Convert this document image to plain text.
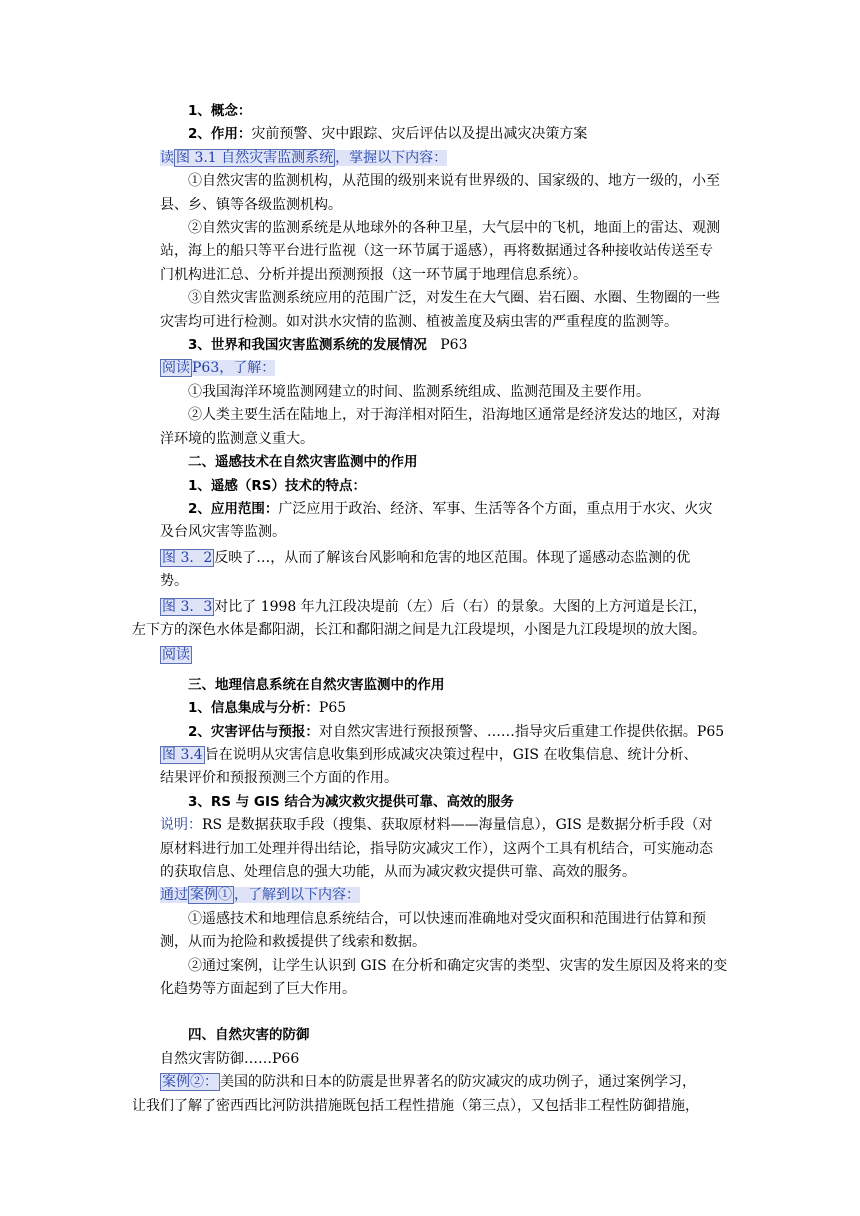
1、概念：

2、作用：灾前预警、灾中跟踪、灾后评估以及提出减灾决策方案

读 图 3.1 自然灾害监测系统 ，掌握以下内容：

①自然灾害的监测机构，从范围的级别来说有世界级的、国家级的、地方一级的，小至

县、乡、镇等各级监测机构。

②自然灾害的监测系统是从地球外的各种卫星，大气层中的飞机，地面上的雷达、观测

站，海上的船只等平台进行监视（这一环节属于遥感），再将数据通过各种接收站传送至专

门机构进汇总、分析并提出预测预报（这一环节属于地理信息系统）。

③自然灾害监测系统应用的范围广泛，对发生在大气圈、岩石圈、水圈、生物圈的一些

灾害均可进行检测。如对洪水灾情的监测、植被盖度及病虫害的严重程度的监测等。

3、世界和我国灾害监测系统的发展情况 P63

阅读 P63，了解：

①我国海洋环境监测网建立的时间、监测系统组成、监测范围及主要作用。

②人类主要生活在陆地上，对于海洋相对陌生，沿海地区通常是经济发达的地区，对海

洋环境的监测意义重大。

二、遥感技术在自然灾害监测中的作用

1、遥感（RS）技术的特点：

2、应用范围：广泛应用于政治、经济、军事、生活等各个方面，重点用于水灾、火灾

及台风灾害等监测。

图 3．2 反映了…，从而了解该台风影响和危害的地区范围。体现了遥感动态监测的优

势。

图 3．3 对比了 1998 年九江段决堤前（左）后（右）的景象。大图的上方河道是长江，

左下方的深色水体是鄱阳湖，长江和鄱阳湖之间是九江段堤坝，小图是九江段堤坝的放大图。

阅读

三、地理信息系统在自然灾害监测中的作用

1、信息集成与分析：P65

2、灾害评估与预报：对自然灾害进行预报预警、……指导灾后重建工作提供依据。P65

图 3.4 旨在说明从灾害信息收集到形成减灾决策过程中，GIS 在收集信息、统计分析、

结果评价和预报预测三个方面的作用。

3、RS 与 GIS 结合为减灾救灾提供可靠、高效的服务

说明：RS 是数据获取手段（搜集、获取原材料——海量信息），GIS 是数据分析手段（对

原材料进行加工处理并得出结论，指导防灾减灾工作），这两个工具有机结合，可实施动态

的获取信息、处理信息的强大功能，从而为减灾救灾提供可靠、高效的服务。

通过 案例① ，了解到以下内容：

①遥感技术和地理信息系统结合，可以快速而准确地对受灾面积和范围进行估算和预

测，从而为抢险和救援提供了线索和数据。

②通过案例，让学生认识到 GIS 在分析和确定灾害的类型、灾害的发生原因及将来的变

化趋势等方面起到了巨大作用。

四、自然灾害的防御

自然灾害防御……P66

案例②： 美国的防洪和日本的防震是世界著名的防灾减灾的成功例子，通过案例学习，

让我们了解了密西西比河防洪措施既包括工程性措施（第三点），又包括非工程性防御措施，
